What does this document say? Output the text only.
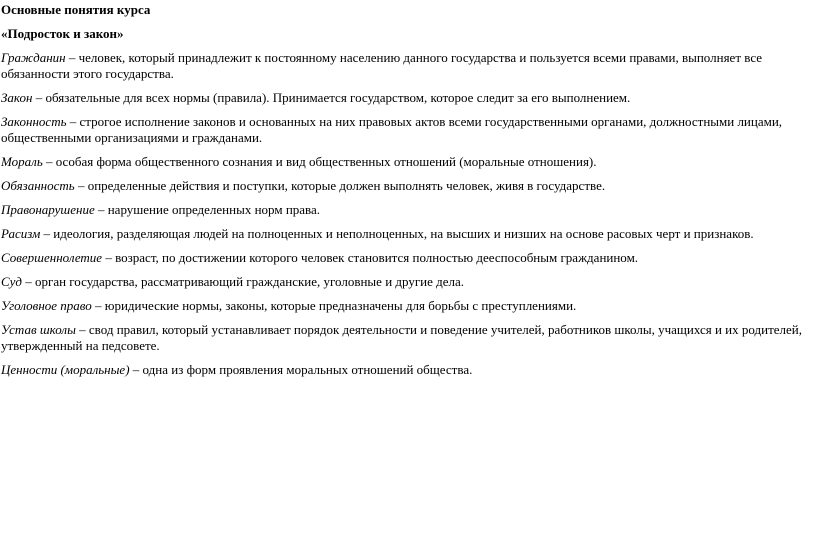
Основные понятия курса

«Подросток и закон»

Гражданин – человек, который принадлежит к постоянному населению данного государства и пользуется всеми правами, выполняет все обязанности этого государства.

Закон – обязательные для всех нормы (правила). Принимается государством, которое следит за его выполнением.

Законность – строгое исполнение законов и основанных на них правовых актов всеми государственными органами, должностными лицами, общественными организациями и гражданами.

Мораль – особая форма общественного сознания и вид общественных отношений (моральные отношения).

Обязанность – определенные действия и поступки, которые должен выполнять человек, живя в государстве.

Правонарушение – нарушение определенных норм права.

Расизм – идеология, разделяющая людей на полноценных и неполноценных, на высших и низших на основе расовых черт и признаков.

Совершеннолетие – возраст, по достижении которого человек становится полностью дееспособным гражданином.

Суд – орган государства, рассматривающий гражданские, уголовные и другие дела.

Уголовное право – юридические нормы, законы, которые предназначены для борьбы с преступлениями.

Устав школы – свод правил, который устанавливает порядок деятельности и поведение учителей, работников школы, учащихся и их родителей, утвержденный на педсовете.

Ценности (моральные) – одна из форм проявления моральных отношений общества.
